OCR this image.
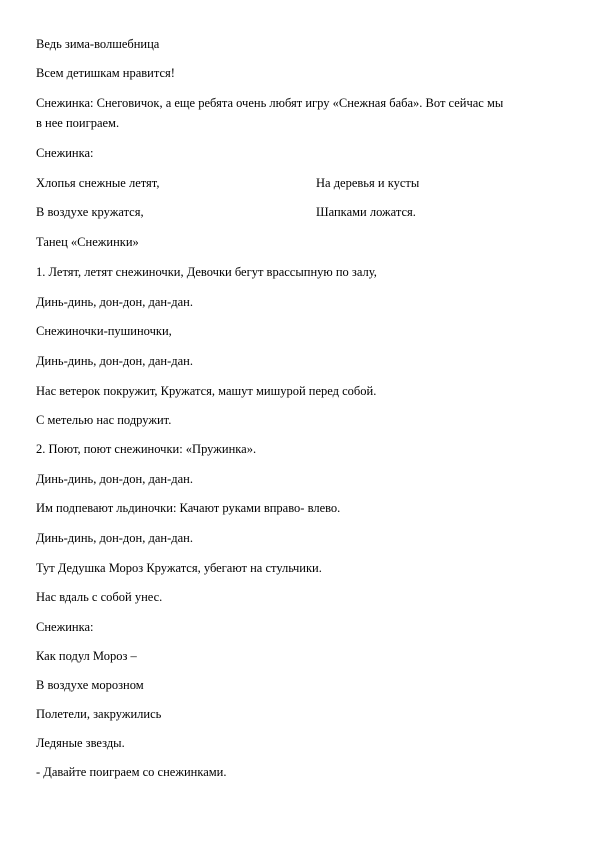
Ведь зима-волшебница
Всем детишкам нравится!
Снежинка: Снеговичок, а еще ребята очень любят игру «Снежная баба». Вот сейчас мы
в нее поиграем.
Снежинка:
Хлопья снежные летят,	На деревья и кусты
В воздухе кружатся,	Шапками ложатся.
Танец «Снежинки»
1. Летят, летят снежиночки, Девочки бегут врассыпную по залу,
Динь-динь, дон-дон, дан-дан.
Снежиночки-пушиночки,
Динь-динь, дон-дон, дан-дан.
Нас ветерок покружит, Кружатся, машут мишурой перед собой.
С метелью нас подружит.
2. Поют, поют снежиночки: «Пружинка».
Динь-динь, дон-дон, дан-дан.
Им подпевают льдиночки: Качают руками вправо- влево.
Динь-динь, дон-дон, дан-дан.
Тут Дедушка Мороз Кружатся, убегают на стульчики.
Нас вдаль с собой унес.
Снежинка:
Как подул Мороз –
В воздухе морозном
Полетели, закружились
Ледяные звезды.
- Давайте поиграем со снежинками.
